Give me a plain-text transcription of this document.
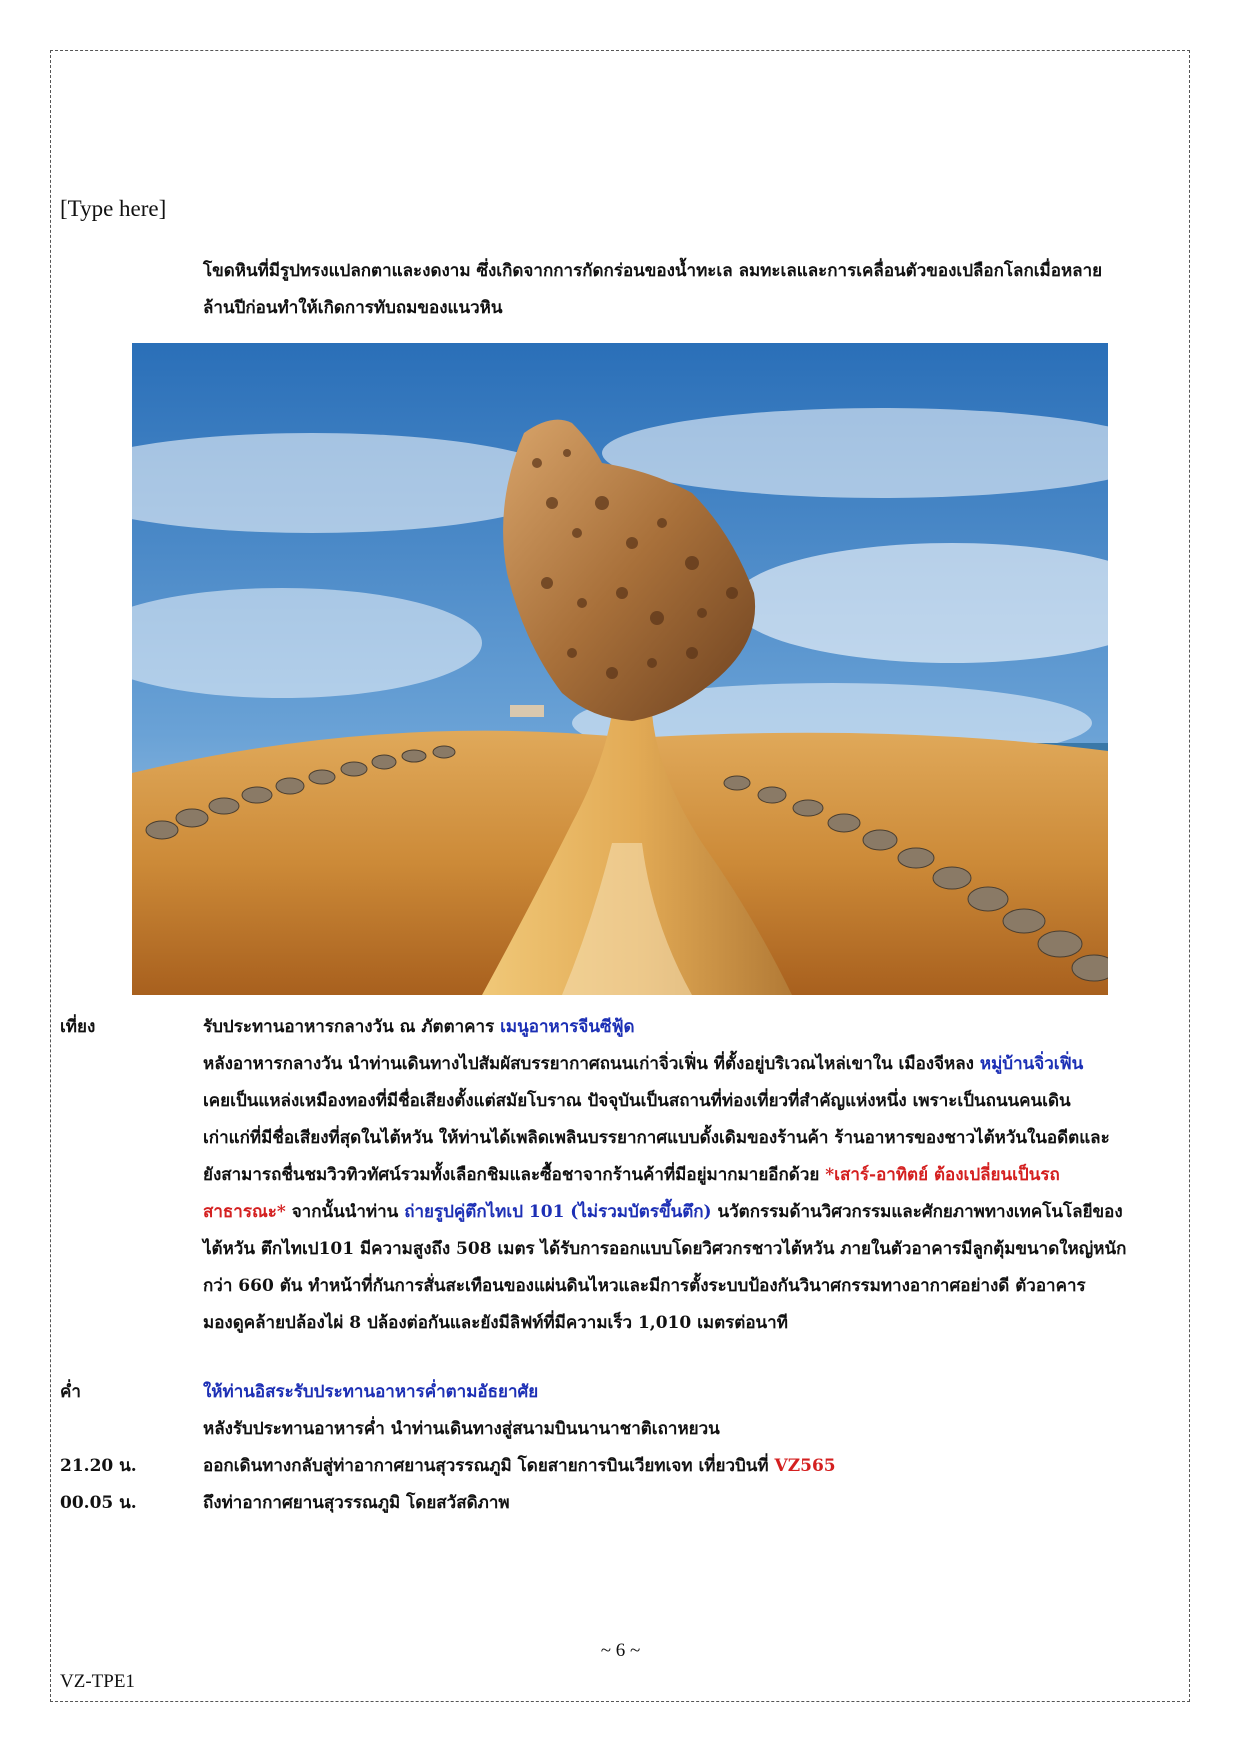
[Type here]
โขดหินที่มีรูปทรงแปลกตาและงดงาม ซึ่งเกิดจากการกัดกร่อนของน้ำทะเล ลมทะเลและการเคลื่อนตัวของเปลือกโลกเมื่อหลาย
ล้านปีก่อนทำให้เกิดการทับถมของแนวหิน
เที่ยง	รับประทานอาหารกลางวัน ณ ภัตตาคาร เมนูอาหารจีนซีฟู้ด
หลังอาหารกลางวัน นำท่านเดินทางไปสัมผัสบรรยากาศถนนเก่าจิ่วเฟิ่น ที่ตั้งอยู่บริเวณไหล่เขาใน เมืองจีหลง หมู่บ้านจิ่วเฟิ่น
เคยเป็นแหล่งเหมืองทองที่มีชื่อเสียงตั้งแต่สมัยโบราณ ปัจจุบันเป็นสถานที่ท่องเที่ยวที่สำคัญแห่งหนึ่ง เพราะเป็นถนนคนเดิน
เก่าแก่ที่มีชื่อเสียงที่สุดในไต้หวัน ให้ท่านได้เพลิดเพลินบรรยากาศแบบดั้งเดิมของร้านค้า ร้านอาหารของชาวไต้หวันในอดีตและ
ยังสามารถชื่นชมวิวทิวทัศน์รวมทั้งเลือกชิมและซื้อชาจากร้านค้าที่มีอยู่มากมายอีกด้วย *เสาร์-อาทิตย์ ต้องเปลี่ยนเป็นรถ
สาธารณะ* จากนั้นนำท่าน ถ่ายรูปคู่ตึกไทเป 101 (ไม่รวมบัตรขึ้นตึก) นวัตกรรมด้านวิศวกรรมและศักยภาพทางเทคโนโลยีของ
ไต้หวัน ตึกไทเป101 มีความสูงถึง 508 เมตร ได้รับการออกแบบโดยวิศวกรชาวไต้หวัน ภายในตัวอาคารมีลูกตุ้มขนาดใหญ่หนัก
กว่า 660 ตัน ทำหน้าที่กันการสั่นสะเทือนของแผ่นดินไหวและมีการตั้งระบบป้องกันวินาศกรรมทางอากาศอย่างดี ตัวอาคาร
มองดูคล้ายปล้องไผ่ 8 ปล้องต่อกันและยังมีลิฟท์ที่มีความเร็ว 1,010 เมตรต่อนาที
ค่ำ	ให้ท่านอิสระรับประทานอาหารค่ำตามอัธยาศัย
หลังรับประทานอาหารค่ำ นำท่านเดินทางสู่สนามบินนานาชาติเถาหยวน
21.20 น.	ออกเดินทางกลับสู่ท่าอากาศยานสุวรรณภูมิ โดยสายการบินเวียทเจท เที่ยวบินที่ VZ565
00.05 น.	ถึงท่าอากาศยานสุวรรณภูมิ โดยสวัสดิภาพ
~ 6 ~
VZ-TPE1
